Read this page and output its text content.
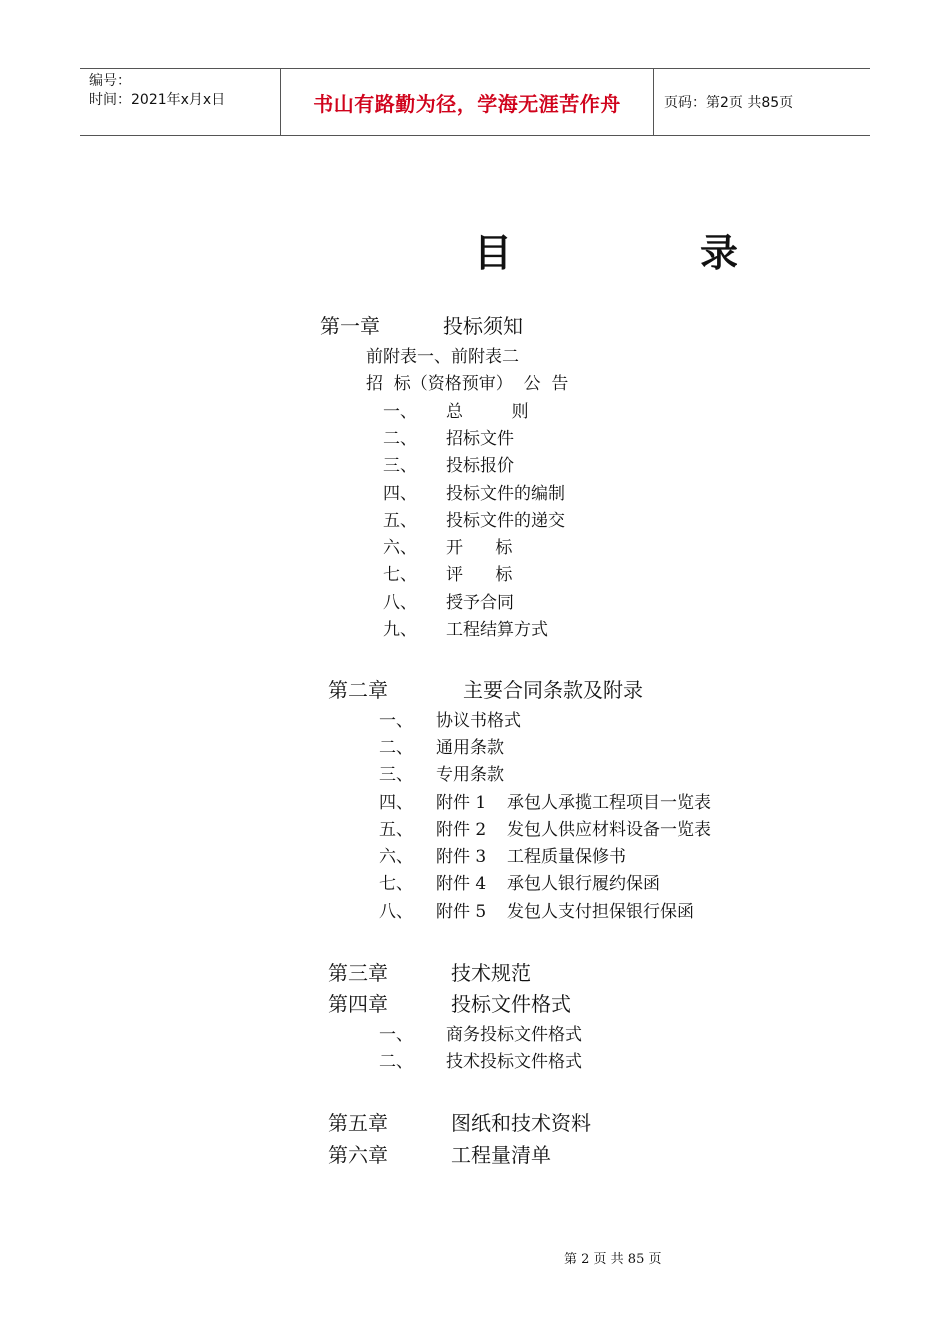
编号：
时间：2021年x月x日	书山有路勤为径，学海无涯苦作舟	页码：第2页 共85页
目	录
第一章	投标须知
前附表一、前附表二
招  标（资格预审）  公  告
一、 总         则
二、 招标文件
三、 投标报价
四、 投标文件的编制
五、 投标文件的递交
六、 开      标
七、 评      标
八、 授予合同
九、 工程结算方式
第二章	主要合同条款及附录
一、 协议书格式
二、 通用条款
三、 专用条款
四、 附件 1 承包人承揽工程项目一览表
五、 附件 2 发包人供应材料设备一览表
六、 附件 3 工程质量保修书
七、 附件 4 承包人银行履约保函
八、 附件 5 发包人支付担保银行保函
第三章	技术规范
第四章	投标文件格式
一、 商务投标文件格式
二、 技术投标文件格式
第五章	图纸和技术资料
第六章	工程量清单
第 2 页 共 85 页
